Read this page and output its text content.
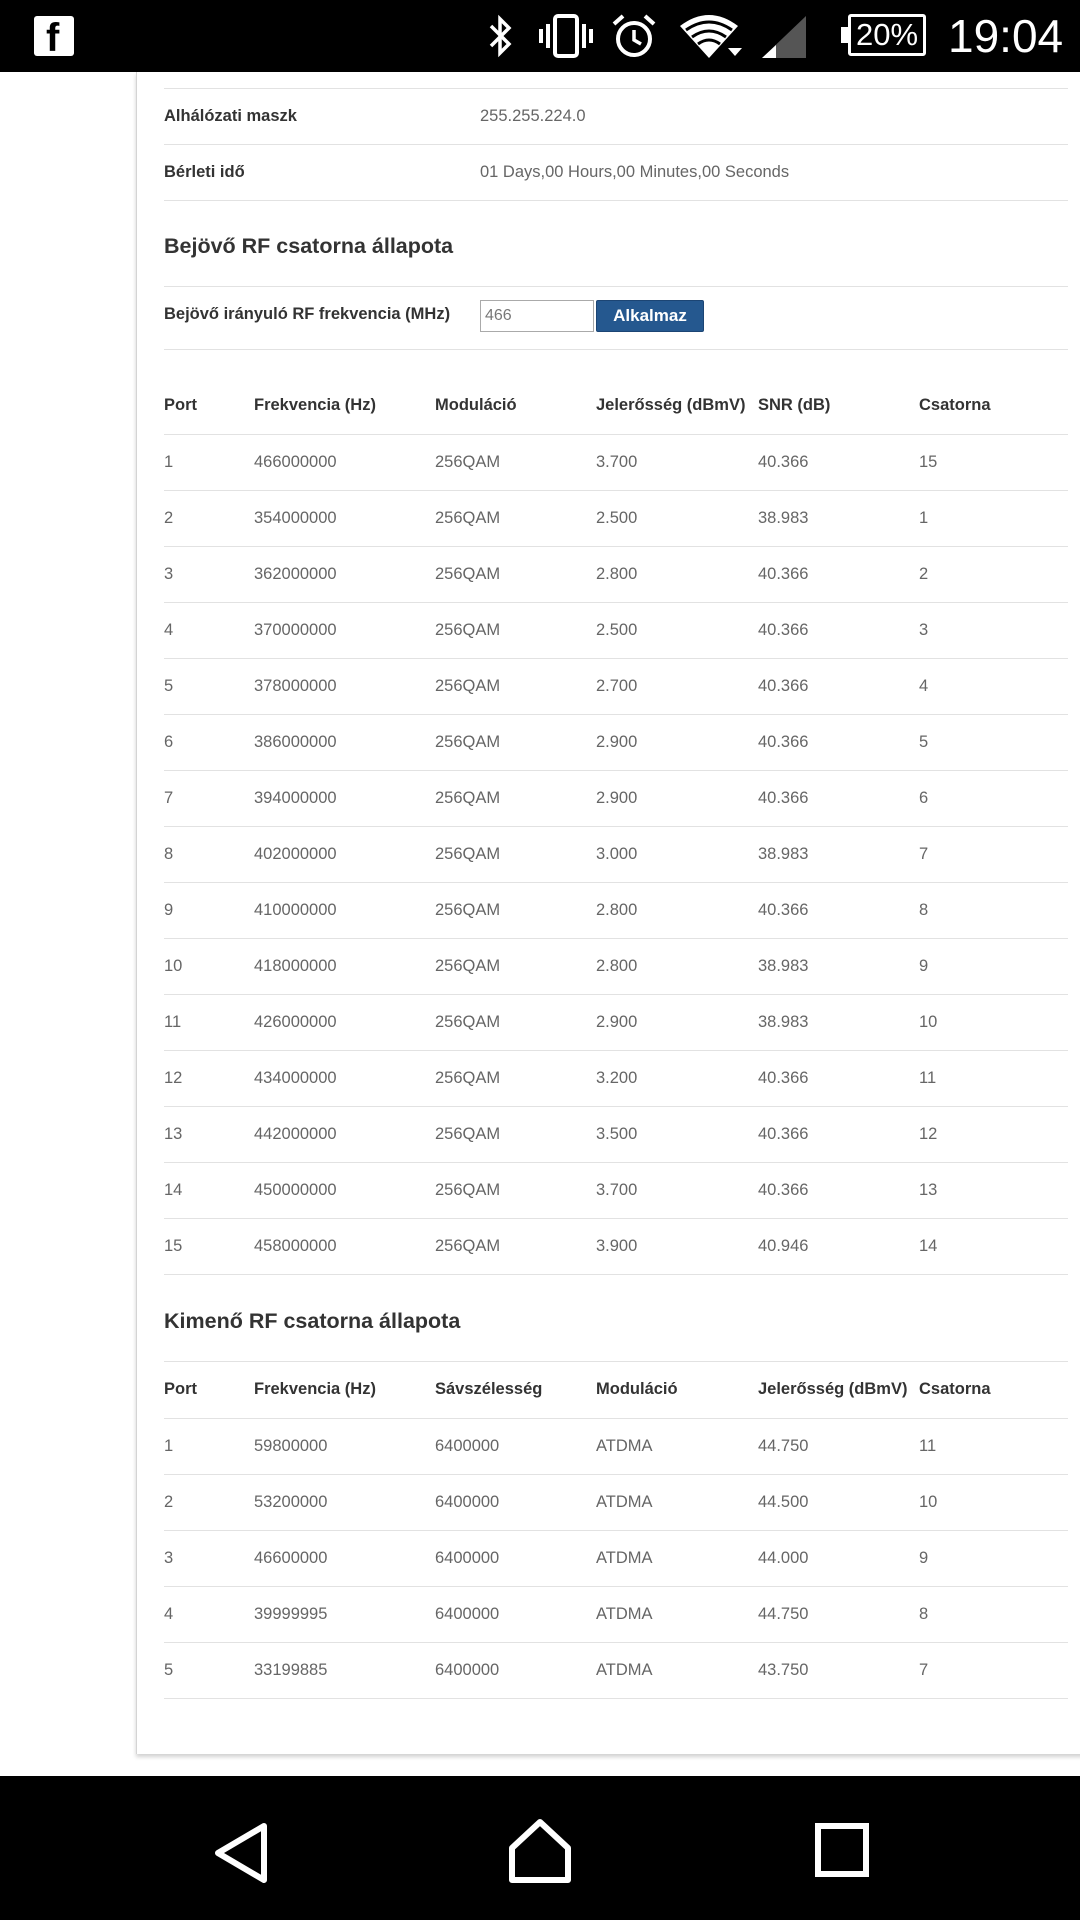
f	20% 19:04
Alhálózati maszk	255.255.224.0
Bérleti idő	01 Days,00 Hours,00 Minutes,00 Seconds
Bejövő RF csatorna állapota
Bejövő irányuló RF frekvencia (MHz)
466	Alkalmaz
Port	Frekvencia (Hz)	Moduláció	Jelerősség (dBmV)	SNR (dB)	Csatorna
1	466000000	256QAM	3.700	40.366	15
2	354000000	256QAM	2.500	38.983	1
3	362000000	256QAM	2.800	40.366	2
4	370000000	256QAM	2.500	40.366	3
5	378000000	256QAM	2.700	40.366	4
6	386000000	256QAM	2.900	40.366	5
7	394000000	256QAM	2.900	40.366	6
8	402000000	256QAM	3.000	38.983	7
9	410000000	256QAM	2.800	40.366	8
10	418000000	256QAM	2.800	38.983	9
11	426000000	256QAM	2.900	38.983	10
12	434000000	256QAM	3.200	40.366	11
13	442000000	256QAM	3.500	40.366	12
14	450000000	256QAM	3.700	40.366	13
15	458000000	256QAM	3.900	40.946	14
Kimenő RF csatorna állapota
Port	Frekvencia (Hz)	Sávszélesség	Moduláció	Jelerősség (dBmV)	Csatorna
1	59800000	6400000	ATDMA	44.750	11
2	53200000	6400000	ATDMA	44.500	10
3	46600000	6400000	ATDMA	44.000	9
4	39999995	6400000	ATDMA	44.750	8
5	33199885	6400000	ATDMA	43.750	7
